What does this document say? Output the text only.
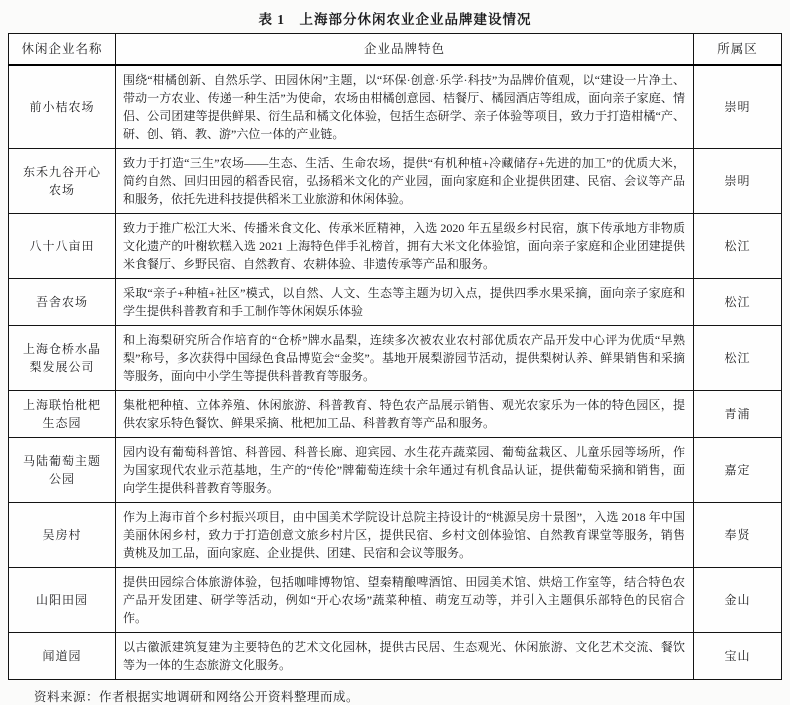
表 1　上海部分休闲农业企业品牌建设情况
休闲企业名称	企业品牌特色	所属区
前小桔农场	围绕“柑橘创新、自然乐学、田园休闲”主题，以“环保·创意·乐学·科技”为品牌价值观，以“建设一片净土、带动一方农业、传递一种生活”为使命，农场由柑橘创意园、桔餐厅、橘园酒店等组成，面向亲子家庭、情侣、公司团建等提供鲜果、衍生品和橘文化体验，包括生态研学、亲子体验等项目，致力于打造柑橘“产、研、创、销、教、游”六位一体的产业链。	崇明
东禾九谷开心农场	致力于打造“三生”农场——生态、生活、生命农场，提供“有机种植+冷藏储存+先进的加工”的优质大米，简约自然、回归田园的稻香民宿，弘扬稻米文化的产业园，面向家庭和企业提供团建、民宿、会议等产品和服务，依托先进科技提供稻米工业旅游和休闲体验。	崇明
八十八亩田	致力于推广松江大米、传播米食文化、传承米匠精神，入选 2020 年五星级乡村民宿，旗下传承地方非物质文化遗产的叶榭软糕入选 2021 上海特色伴手礼榜首，拥有大米文化体验馆，面向亲子家庭和企业团建提供米食餐厅、乡野民宿、自然教育、农耕体验、非遗传承等产品和服务。	松江
吾舍农场	采取“亲子+种植+社区”模式，以自然、人文、生态等主题为切入点，提供四季水果采摘，面向亲子家庭和学生提供科普教育和手工制作等休闲娱乐体验	松江
上海仓桥水晶梨发展公司	和上海梨研究所合作培育的“仓桥”牌水晶梨，连续多次被农业农村部优质农产品开发中心评为优质“早熟梨”称号，多次获得中国绿色食品博览会“金奖”。基地开展梨游园节活动，提供梨树认养、鲜果销售和采摘等服务，面向中小学生等提供科普教育等服务。	松江
上海联怡枇杷生态园	集枇杷种植、立体养殖、休闲旅游、科普教育、特色农产品展示销售、观光农家乐为一体的特色园区，提供农家乐特色餐饮、鲜果采摘、枇杷加工品、科普教育等产品和服务。	青浦
马陆葡萄主题公园	园内设有葡萄科普馆、科普园、科普长廊、迎宾园、水生花卉蔬菜园、葡萄盆栽区、儿童乐园等场所，作为国家现代农业示范基地，生产的“传伦”牌葡萄连续十余年通过有机食品认证，提供葡萄采摘和销售，面向学生提供科普教育等服务。	嘉定
吴房村	作为上海市首个乡村振兴项目，由中国美术学院设计总院主持设计的“桃源吴房十景图”，入选 2018 年中国美丽休闲乡村，致力于打造创意文旅乡村片区，提供民宿、乡村文创体验馆、自然教育课堂等服务，销售黄桃及加工品，面向家庭、企业提供、团建、民宿和会议等服务。	奉贤
山阳田园	提供田园综合体旅游体验，包括咖啡博物馆、望秦精酿啤酒馆、田园美术馆、烘焙工作室等，结合特色农产品开发团建、研学等活动，例如“开心农场”蔬菜种植、萌宠互动等，并引入主题俱乐部特色的民宿合作。	金山
闻道园	以古徽派建筑复建为主要特色的艺术文化园林，提供古民居、生态观光、休闲旅游、文化艺术交流、餐饮等为一体的生态旅游文化服务。	宝山
资料来源：作者根据实地调研和网络公开资料整理而成。
